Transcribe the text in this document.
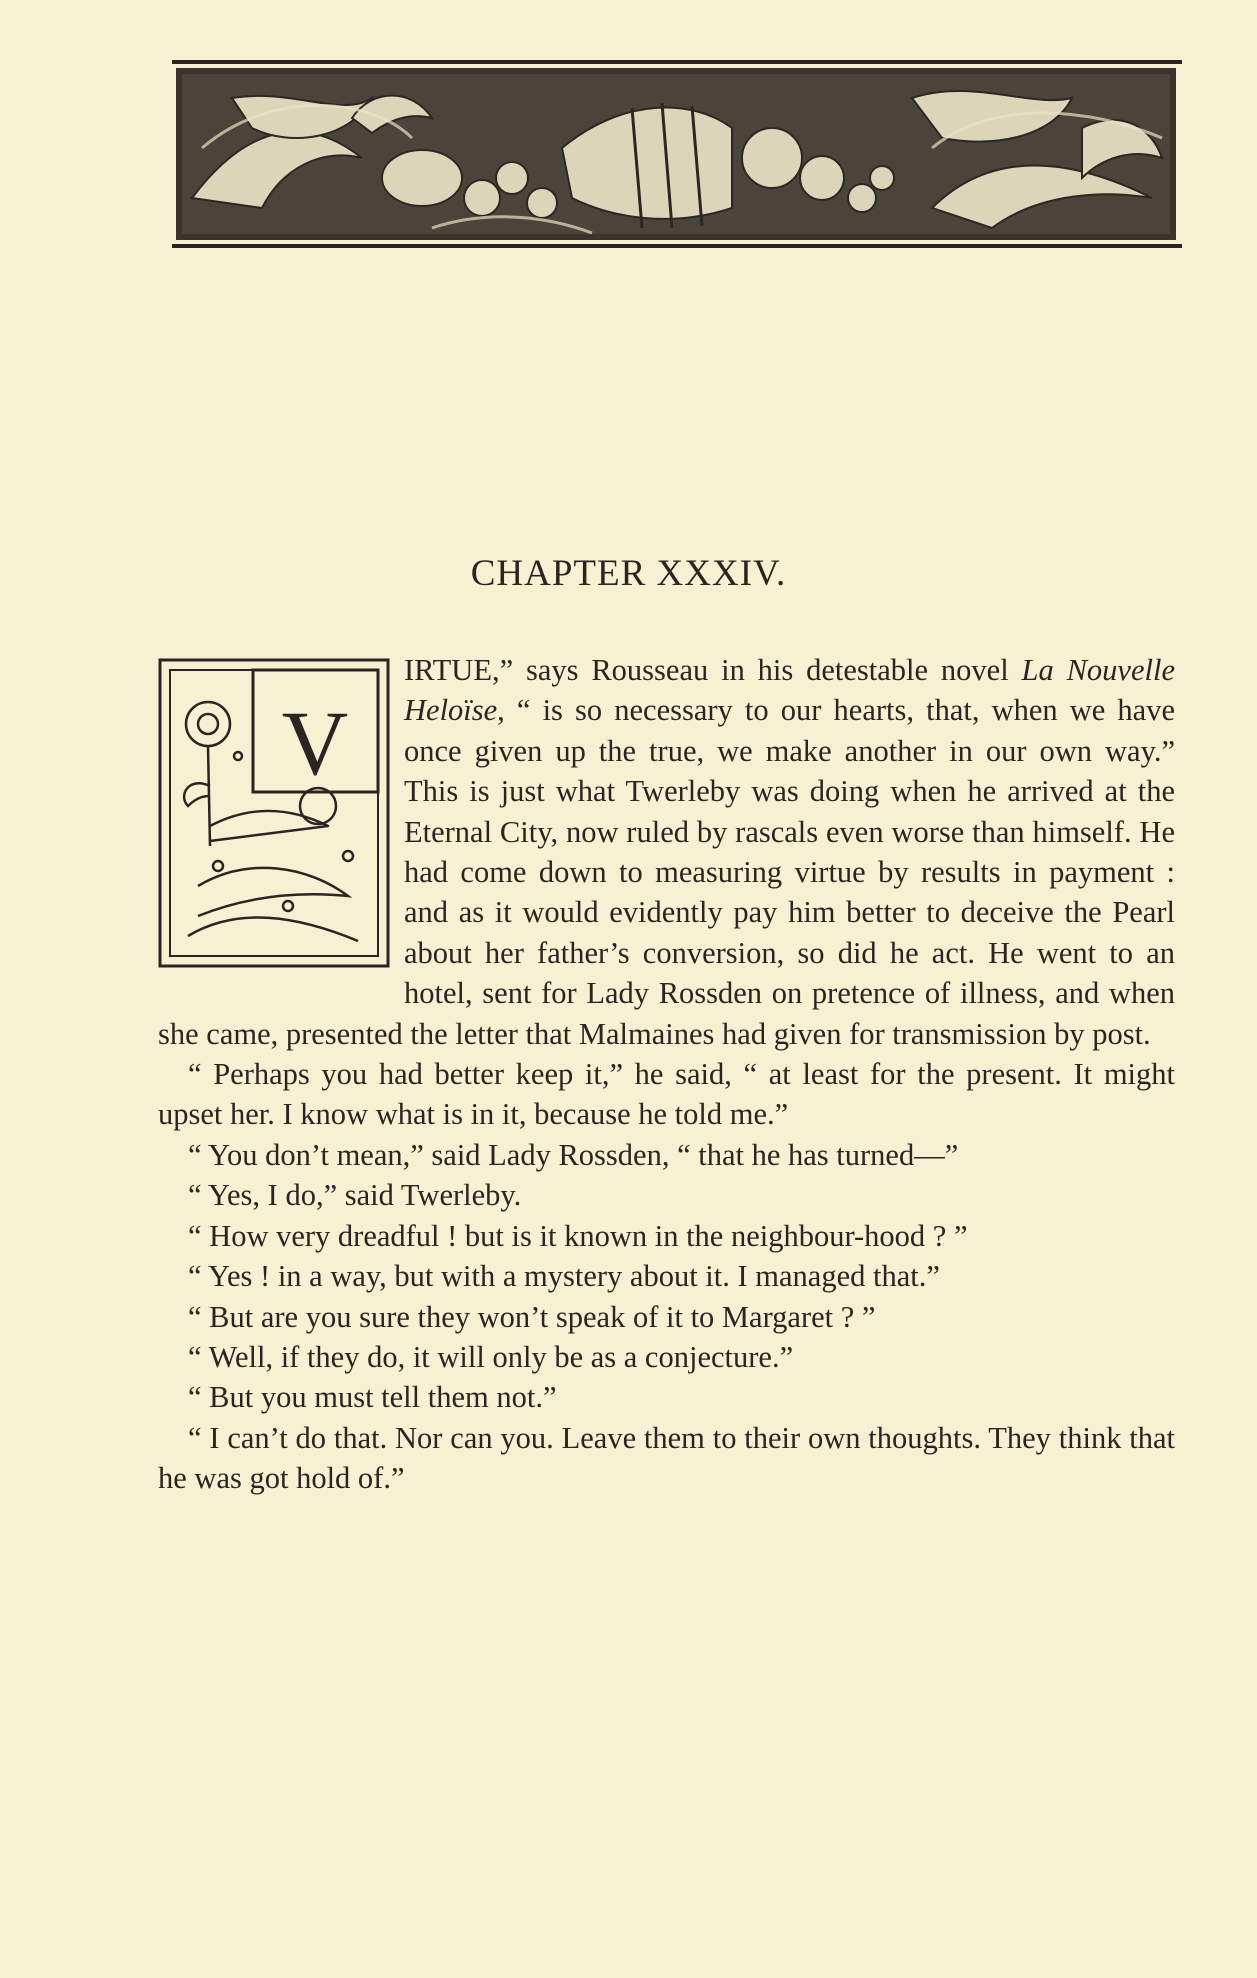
CHAPTER XXXIV.
V

IRTUE,” says Rousseau in his detestable novel La Nouvelle Heloïse, “ is so necessary to our hearts, that, when we have once given up the true, we make another in our own way.” This is just what Twerleby was doing when he arrived at the Eternal City, now ruled by rascals even worse than himself. He had come down to measuring virtue by results in payment : and as it would evidently pay him better to deceive the Pearl about her father’s conversion, so did he act. He went to an hotel, sent for Lady Rossden on pretence of illness, and when she came, presented the letter that Malmaines had given for transmission by post.

“ Perhaps you had better keep it,” he said, “ at least for the present. It might upset her. I know what is in it, because he told me.”

“ You don’t mean,” said Lady Rossden, “ that he has turned—”

“ Yes, I do,” said Twerleby.

“ How very dreadful ! but is it known in the neighbour-hood ? ”

“ Yes ! in a way, but with a mystery about it. I managed that.”

“ But are you sure they won’t speak of it to Margaret ? ”

“ Well, if they do, it will only be as a conjecture.”

“ But you must tell them not.”

“ I can’t do that. Nor can you. Leave them to their own thoughts. They think that he was got hold of.”
